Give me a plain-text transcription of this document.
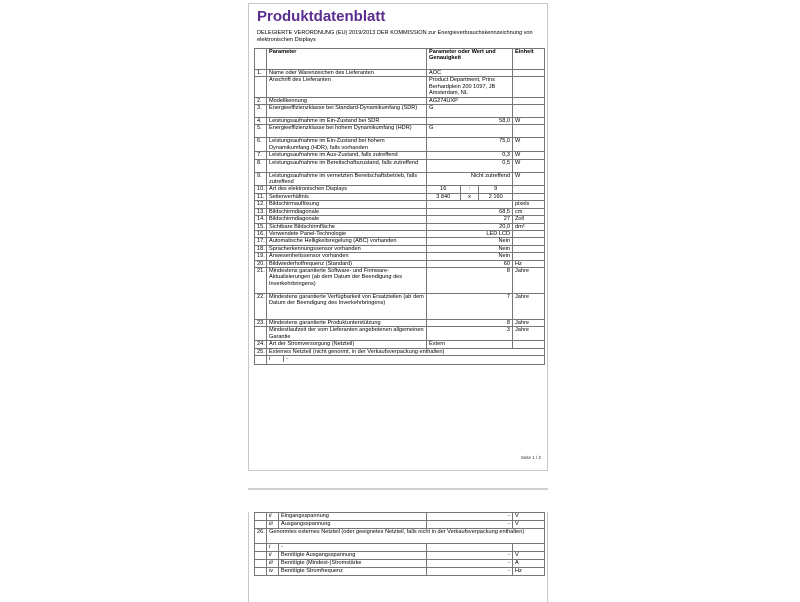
Produktdatenblatt
DELEGIERTE VERORDNUNG (EU) 2019/2013 DER KOMMISSION zur Energieverbrauchskennzeichnung von elektronischen Displays
	Parameter	Parameter oder Wert und Genauigkeit	Einheit
1.	Name oder Warenzeichen des Lieferanten	AOC	
	Anschrift des Lieferanten	Product Department, Prins Berhardplein 200 1097, JB Amsterdam, NL	
2.	Modellkennung	AG274UXP	
3.	Energieeffizienzklasse bei Standard-Dynamikumfang (SDR)	G	
4.	Leistungsaufnahme im Ein-Zustand bei SDR	58,0	W
5.	Energieeffizienzklasse bei hohem Dynamikumfang (HDR)	G	
6.	Leistungsaufnahme im Ein-Zustand bei hohem Dynamikumfang (HDR), falls vorhanden	75,0	W
7.	Leistungsaufnahme im Aus-Zustand, falls zutreffend	0,3	W
8.	Leistungsaufnahme im Bereitschaftszustand, falls zutreffend	0,5	W
9.	Leistungsaufnahme im vernetzten Bereitschaftsbetrieb, falls zutreffend	Nicht zutreffend	W
10.	Art des elektronischen Displays		16	:	9

11.	Seitenverhältnis		3 840	x	2 160

12.	Bildschirmauflösung		pixels
13.	Bildschirmdiagonale	68,5	cm
14.	Bildschirmdiagonale	27	Zoll
15.	Sichtbare Bildschirmfläche	20,0	dm²
16.	Verwendete Panel-Technologie	LED LCD	
17.	Automatische Helligkeitsregelung (ABC) vorhanden	Nein	
18.	Spracherkennungssensor vorhanden	Nein	
19.	Anwesenheitssensor vorhanden	Nein	
20.	Bildwiederholfrequenz (Standard)	60	Hz
21.	Mindestens garantierte Software- und Firmware-Aktualisierungen (ab dem Datum der Beendigung des Inverkehrbringens)	8	Jahre
22.	Mindestens garantierte Verfügbarkeit von Ersatzteilen (ab dem Datum der Beendigung des Inverkehrbringens)	7	Jahre
23.	Mindestens garantierte Produktunterstützung	8	Jahre
	Mindestlaufzeit der vom Lieferanten angebotenen allgemeinen Garantie	3	Jahre
24.	Art der Stromversorgung (Netzteil)	Extern	
25.	Externes Netzteil (nicht genormt, in der Verkaufsverpackung enthalten)

i	-
Seite 1 / 2
	ii	Eingangsspannung	-	V
	iii	Ausgangsspannung	-	V
26.	Genormtes externes Netzteil (oder geeignetes Netzteil, falls nicht in der Verkaufsverpackung enthalten)			
	i	-		
	ii	Benötigte Ausgangsspannung	-	V
	iii	Benötigte (Mindest-)Stromstärke	-	A
	iv	Benötigte Stromfrequenz	-	Hz
